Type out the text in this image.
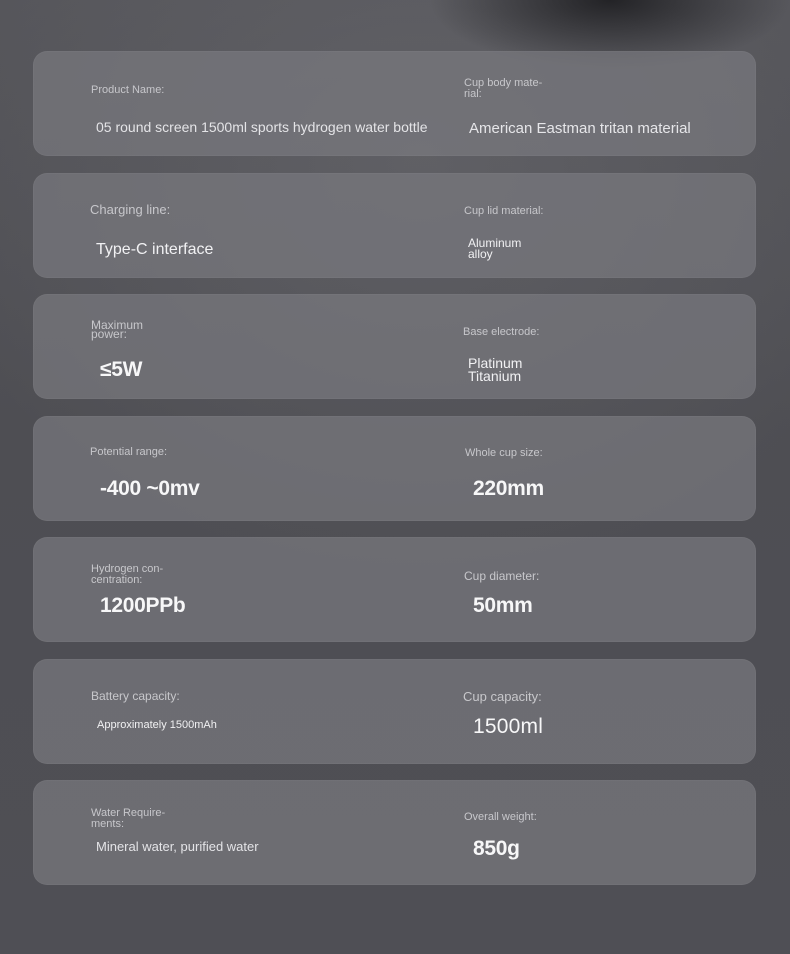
Product Name:
05 round screen 1500ml sports hydrogen water bottle
Cup body mate-
rial:
American Eastman tritan material
Charging line:
Type-C interface
Cup lid material:
Aluminum
alloy
Maximum
power:
≤5W
Base electrode:
Platinum
Titanium
Potential range:
-400 ~0mv
Whole cup size:
220mm
Hydrogen con-
centration:
1200PPb
Cup diameter:
50mm
Battery capacity:
Approximately 1500mAh
Cup capacity:
1500ml
Water Require-
ments:
Mineral water, purified water
Overall weight:
850g
